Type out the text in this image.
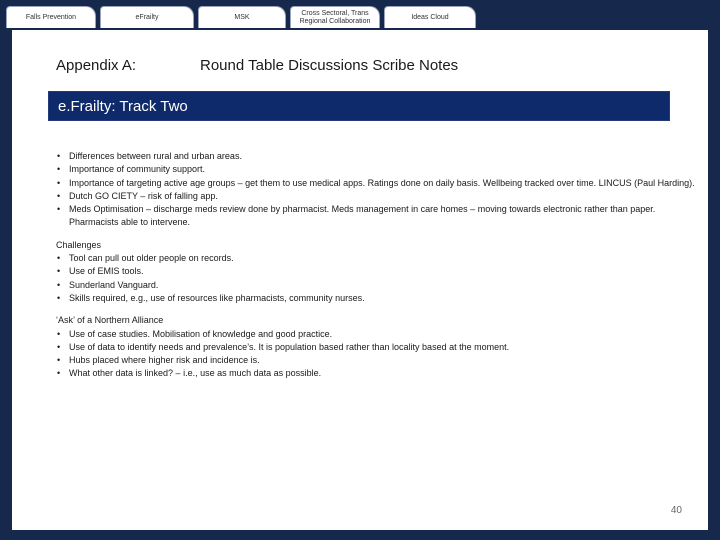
Falls Prevention	eFrailty	MSK
Cross Sectoral, Trans Regional Collaboration
Ideas Cloud
Appendix A:	Round Table Discussions Scribe Notes
e.Frailty: Track Two
• Differences between rural and urban areas.
• Importance of community support.
• Importance of targeting active age groups – get them to use medical apps. Ratings done on daily basis. Wellbeing tracked over time. LINCUS (Paul Harding).
• Dutch GO CIETY – risk of falling app.
• Meds Optimisation – discharge meds review done by pharmacist. Meds management in care homes – moving towards electronic rather than paper. Pharmacists able to intervene.
Challenges
• Tool can pull out older people on records.
• Use of EMIS tools.
• Sunderland Vanguard.
• Skills required, e.g., use of resources like pharmacists, community nurses.
‘Ask’ of a Northern Alliance
• Use of case studies. Mobilisation of knowledge and good practice.
• Use of data to identify needs and prevalence’s. It is population based rather than locality based at the moment.
• Hubs placed where higher risk and incidence is.
• What other data is linked? – i.e., use as much data as possible.
40
